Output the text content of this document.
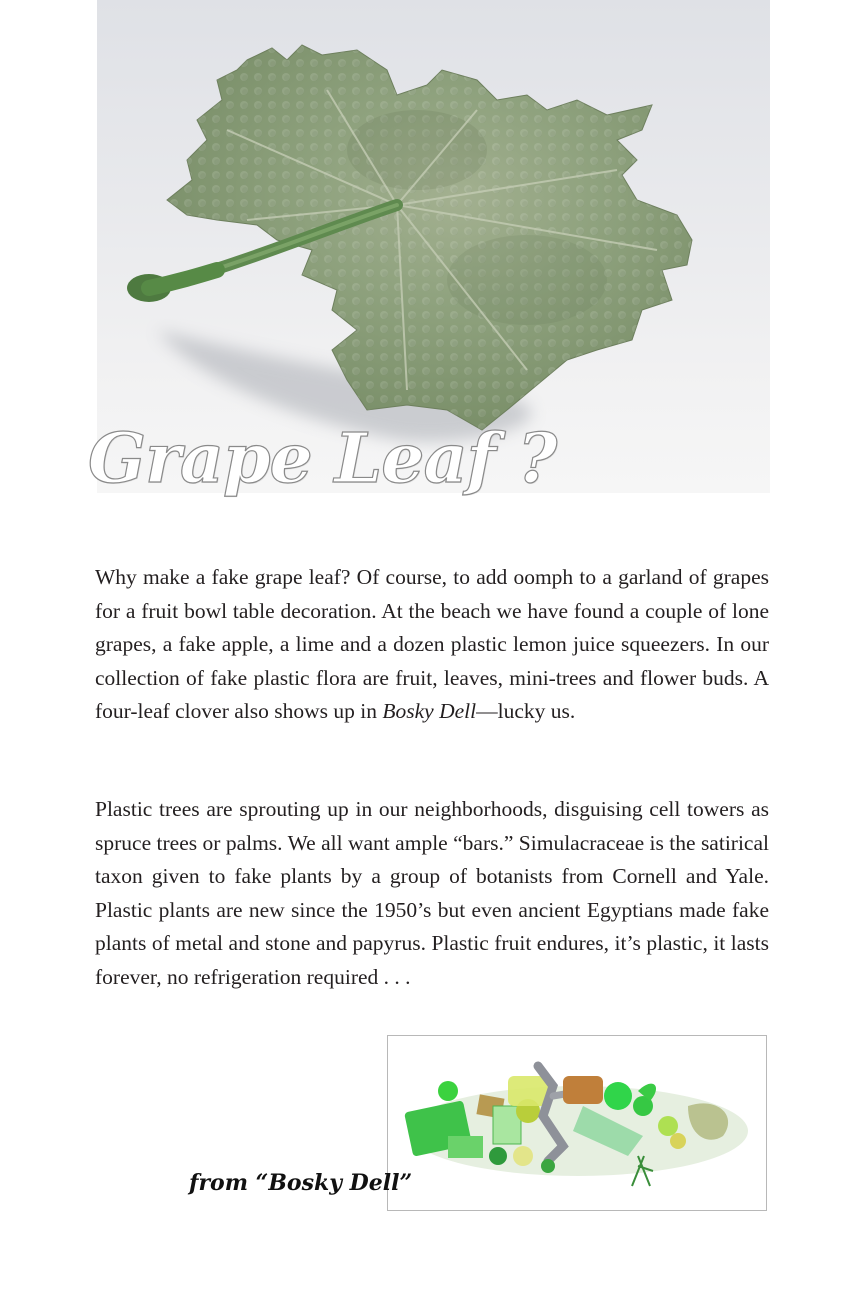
Grape Leaf ?

Why make a fake grape leaf? Of course, to add oomph to a garland of grapes for a fruit bowl table decoration. At the beach we have found a couple of lone grapes, a fake apple, a lime and a dozen plastic lemon juice squeezers. In our collection of fake plastic flora are fruit, leaves, mini-trees and flower buds. A four-leaf clover also shows up in Bosky Dell—lucky us.

Plastic trees are sprouting up in our neighborhoods, disguising cell towers as spruce trees or palms. We all want ample “bars.” Simulacraceae is the satirical taxon given to fake plants by a group of botanists from Cornell and Yale. Plastic plants are new since the 1950’s but even ancient Egyptians made fake plants of metal and stone and papyrus. Plastic fruit endures, it’s plastic, it lasts forever, no refrigeration required . . .

from “Bosky Dell”
